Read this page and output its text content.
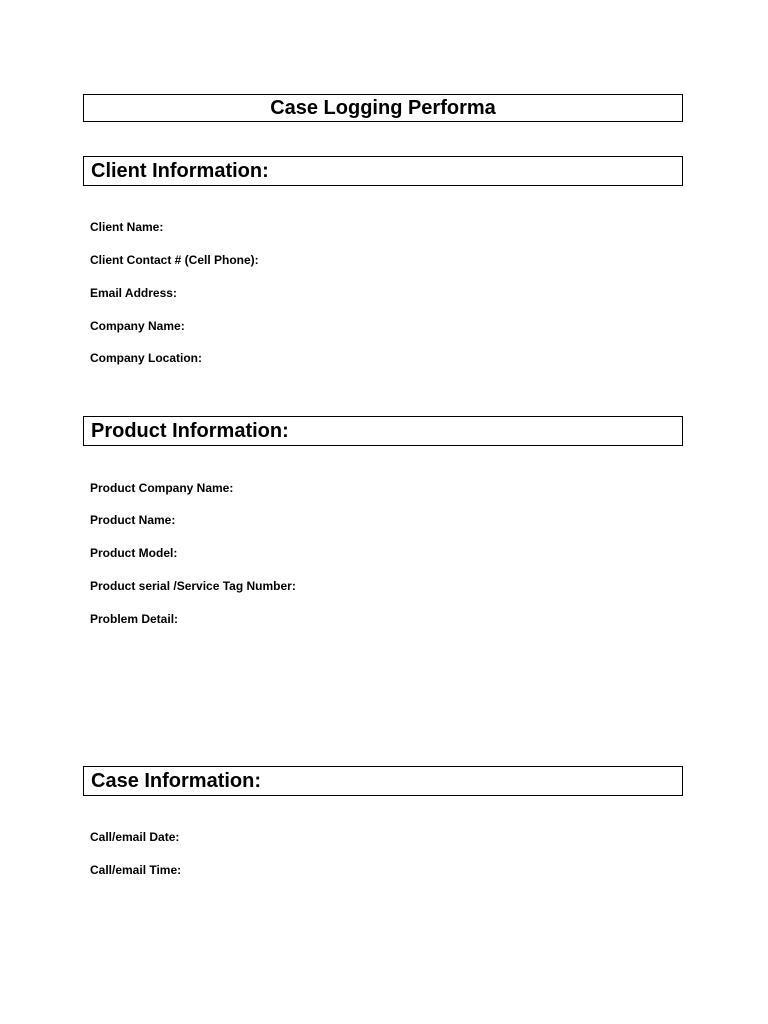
Case Logging Performa
Client Information:
Client Name:
Client Contact # (Cell Phone):
Email Address:
Company Name:
Company Location:
Product Information:
Product Company Name:
Product Name:
Product Model:
Product serial /Service Tag Number:
Problem Detail:
Case Information:
Call/email Date:
Call/email Time:
